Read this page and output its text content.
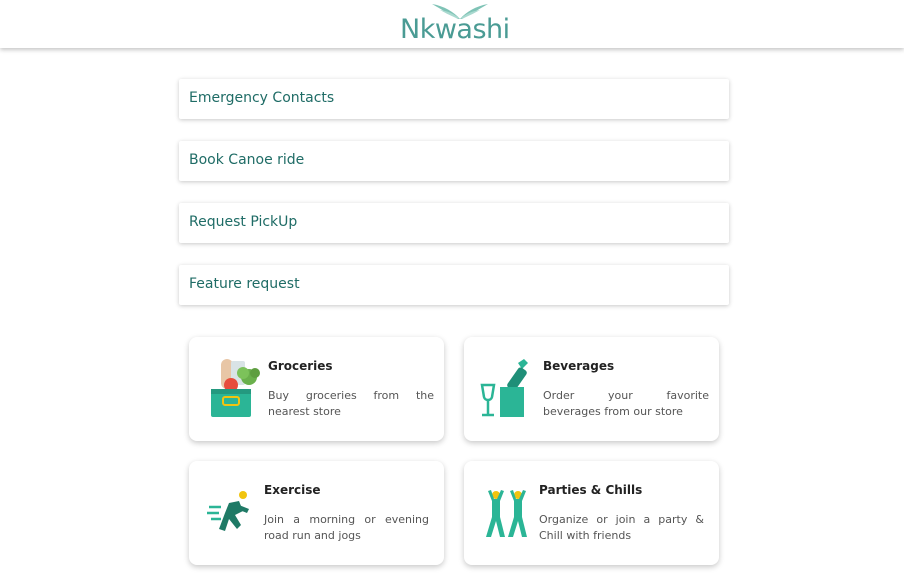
Nkwashi
Emergency Contacts
Book Canoe ride
Request PickUp
Feature request
Groceries
Buy groceries from the nearest store
Beverages
Order your favorite beverages from our store
Exercise
Join a morning or evening road run and jogs
Parties & Chills
Organize or join a party & Chill with friends
